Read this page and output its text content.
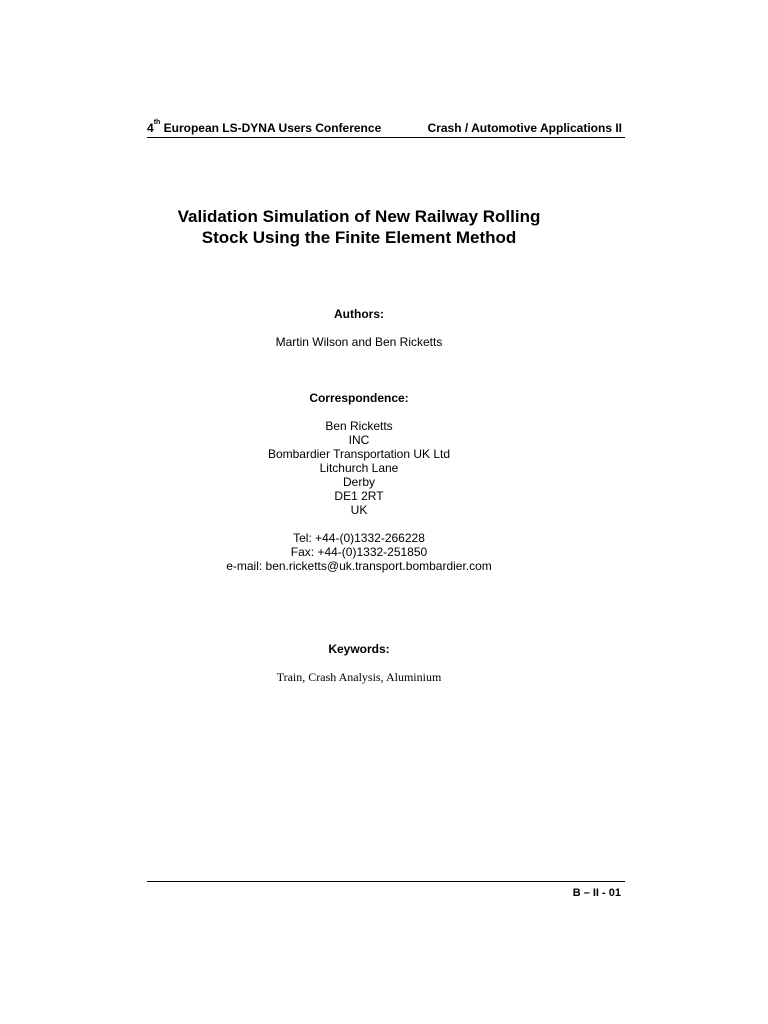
4th European LS-DYNA Users Conference	Crash / Automotive Applications II
Validation Simulation of New Railway Rolling
Stock Using the Finite Element Method
Authors:
Martin Wilson and Ben Ricketts
Correspondence:
Ben Ricketts
INC
Bombardier Transportation UK Ltd
Litchurch Lane
Derby
DE1 2RT
UK
Tel: +44-(0)1332-266228
Fax: +44-(0)1332-251850
e-mail: ben.ricketts@uk.transport.bombardier.com
Keywords:
Train, Crash Analysis, Aluminium
B – II - 01
